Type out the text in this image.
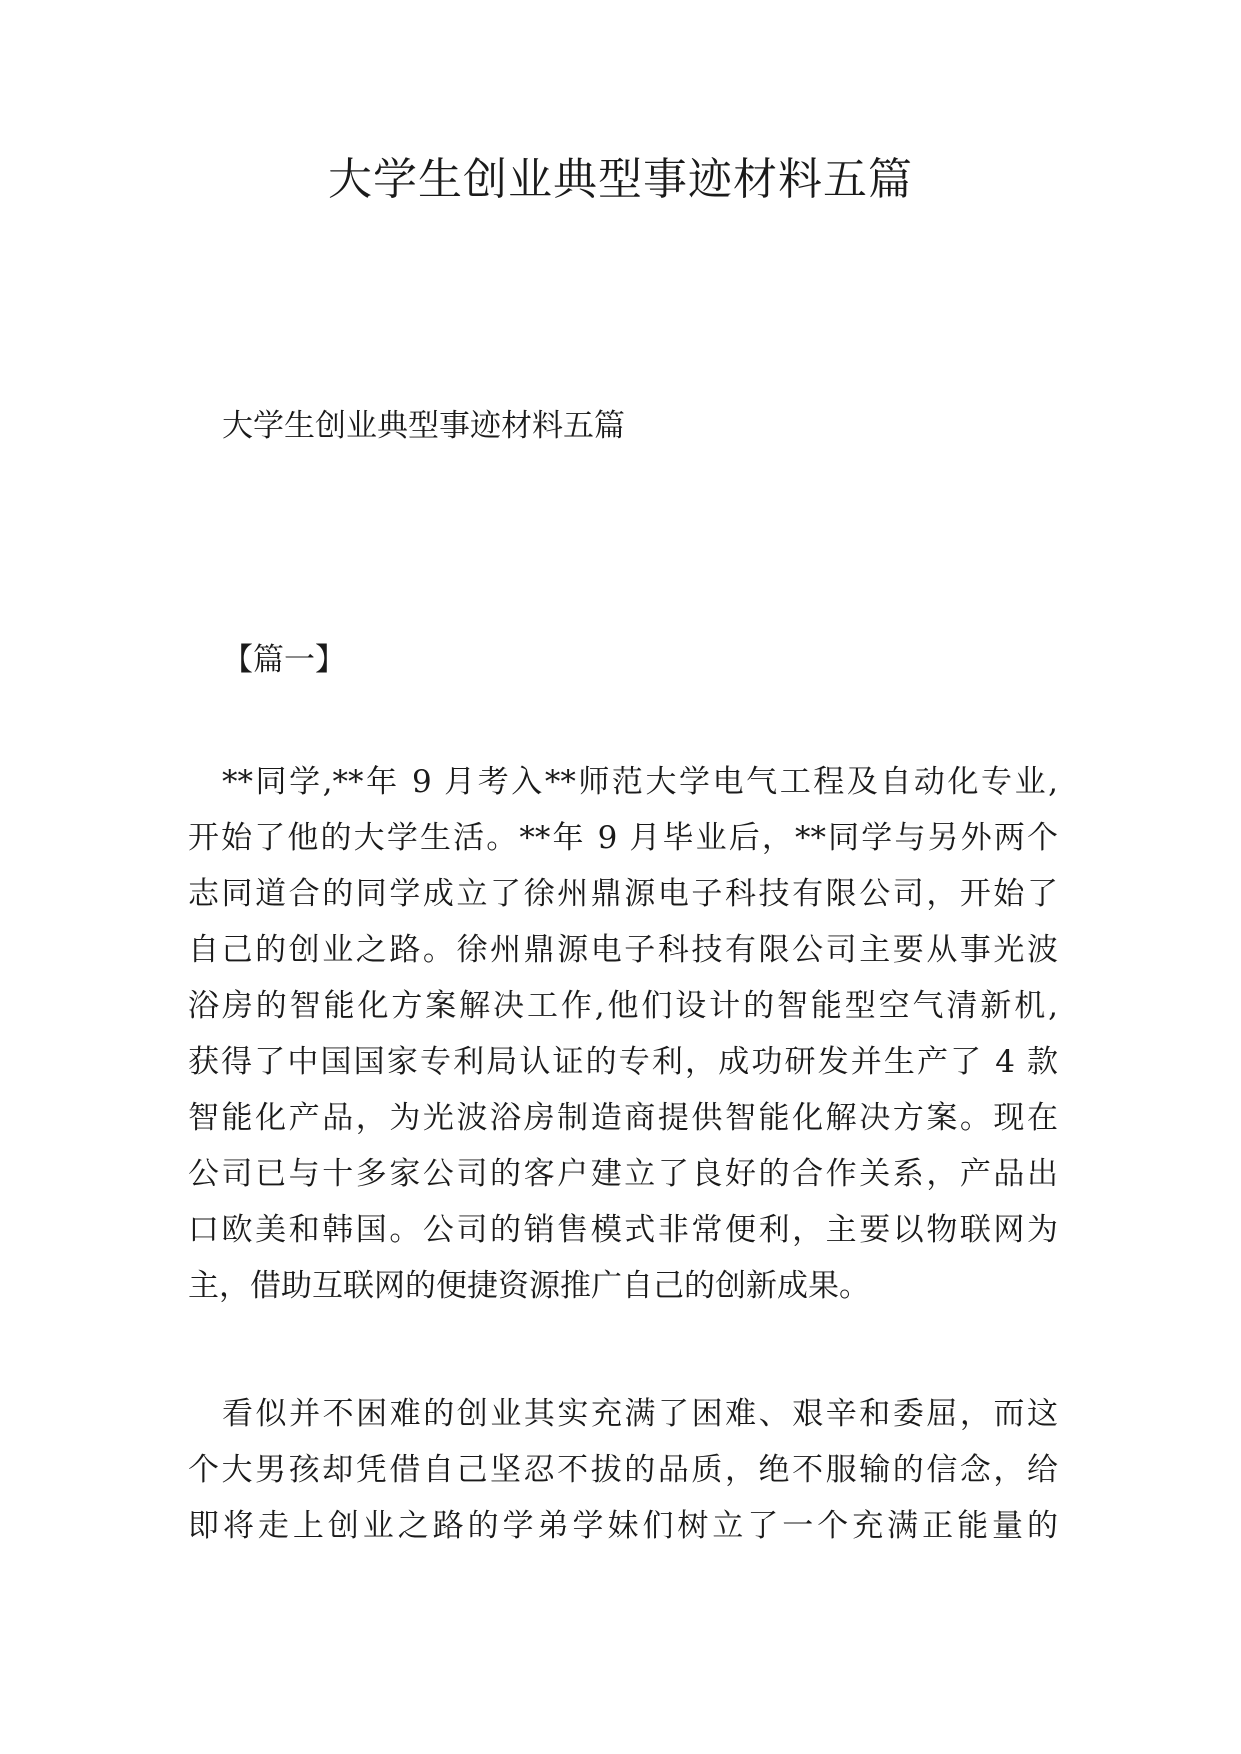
大学生创业典型事迹材料五篇

大学生创业典型事迹材料五篇

【篇一】

**同学,**年 9 月考入**师范大学电气工程及自动化专业,
开始了他的大学生活。**年 9 月毕业后，**同学与另外两个
志同道合的同学成立了徐州鼎源电子科技有限公司，开始了
自己的创业之路。徐州鼎源电子科技有限公司主要从事光波
浴房的智能化方案解决工作,他们设计的智能型空气清新机,
获得了中国国家专利局认证的专利，成功研发并生产了 4 款
智能化产品，为光波浴房制造商提供智能化解决方案。现在
公司已与十多家公司的客户建立了良好的合作关系，产品出
口欧美和韩国。公司的销售模式非常便利，主要以物联网为
主，借助互联网的便捷资源推广自己的创新成果。
看似并不困难的创业其实充满了困难、艰辛和委屈，而这
个大男孩却凭借自己坚忍不拔的品质，绝不服输的信念，给
即将走上创业之路的学弟学妹们树立了一个充满正能量的
